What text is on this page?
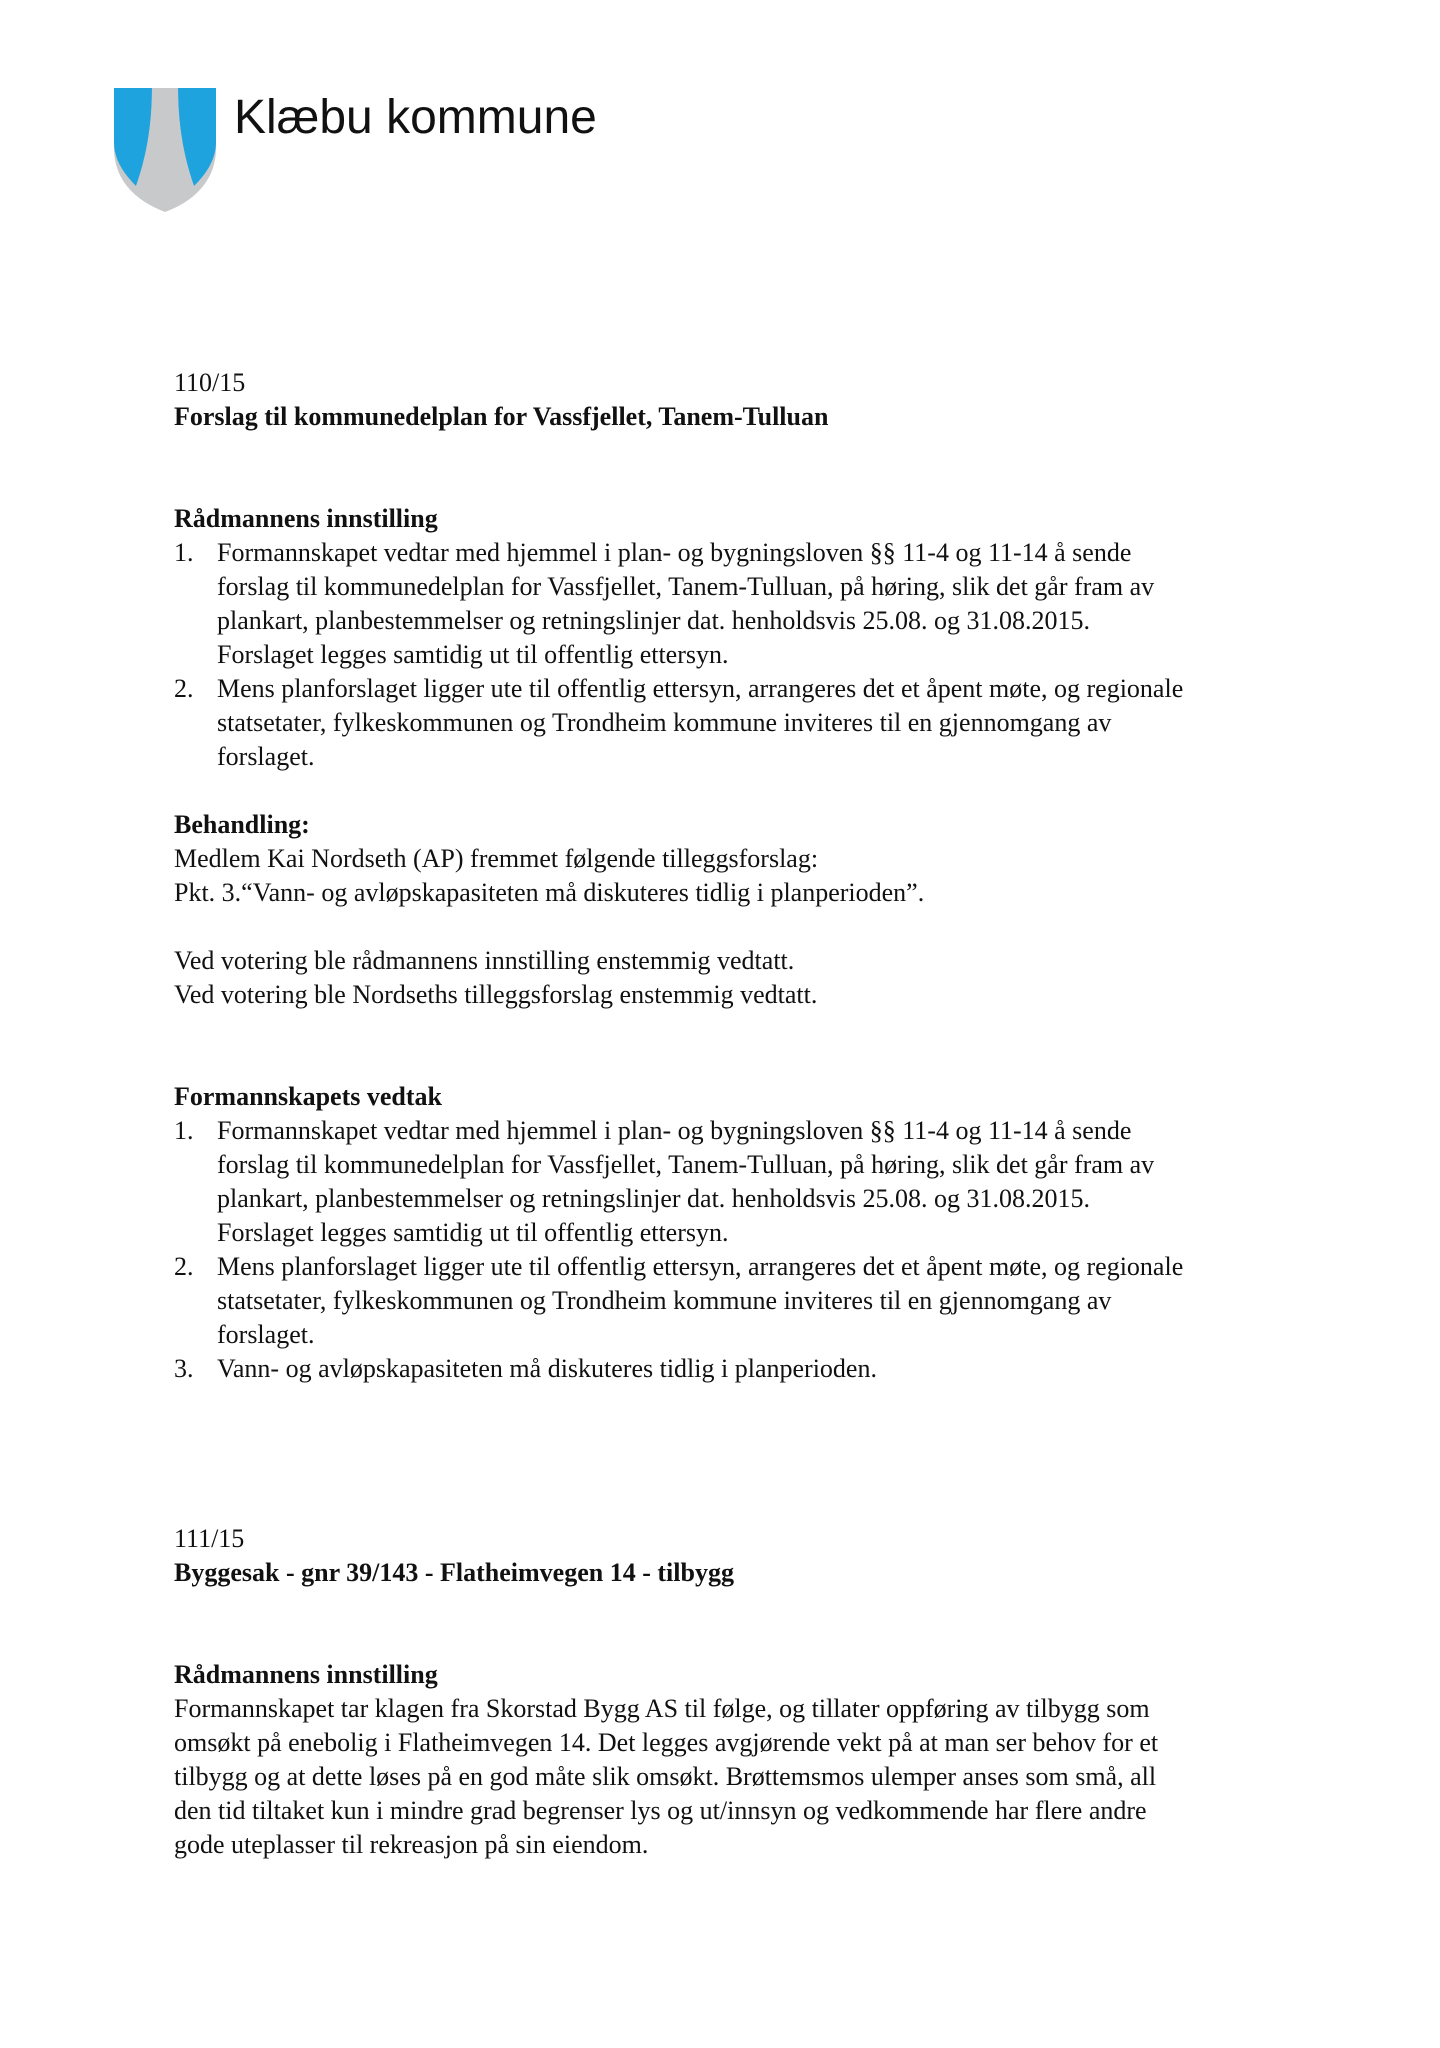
Klæbu kommune

110/15

Forslag til kommunedelplan for Vassfjellet, Tanem-Tulluan

Rådmannens innstilling
1. Formannskapet vedtar med hjemmel i plan- og bygningsloven §§ 11-4 og 11-14 å sende
forslag til kommunedelplan for Vassfjellet, Tanem-Tulluan, på høring, slik det går fram av
plankart, planbestemmelser og retningslinjer dat. henholdsvis 25.08. og 31.08.2015.
Forslaget legges samtidig ut til offentlig ettersyn.
2. Mens planforslaget ligger ute til offentlig ettersyn, arrangeres det et åpent møte, og regionale
statsetater, fylkeskommunen og Trondheim kommune inviteres til en gjennomgang av
forslaget.
Behandling:

Medlem Kai Nordseth (AP) fremmet følgende tilleggsforslag:

Pkt. 3.“Vann- og avløpskapasiteten må diskuteres tidlig i planperioden”.

Ved votering ble rådmannens innstilling enstemmig vedtatt.

Ved votering ble Nordseths tilleggsforslag enstemmig vedtatt.

Formannskapets vedtak
1. Formannskapet vedtar med hjemmel i plan- og bygningsloven §§ 11-4 og 11-14 å sende
forslag til kommunedelplan for Vassfjellet, Tanem-Tulluan, på høring, slik det går fram av
plankart, planbestemmelser og retningslinjer dat. henholdsvis 25.08. og 31.08.2015.
Forslaget legges samtidig ut til offentlig ettersyn.
2. Mens planforslaget ligger ute til offentlig ettersyn, arrangeres det et åpent møte, og regionale
statsetater, fylkeskommunen og Trondheim kommune inviteres til en gjennomgang av
forslaget.
3. Vann- og avløpskapasiteten må diskuteres tidlig i planperioden.

111/15

Byggesak - gnr 39/143 - Flatheimvegen 14 - tilbygg

Rådmannens innstilling

Formannskapet tar klagen fra Skorstad Bygg AS til følge, og tillater oppføring av tilbygg som

omsøkt på enebolig i Flatheimvegen 14. Det legges avgjørende vekt på at man ser behov for et

tilbygg og at dette løses på en god måte slik omsøkt. Brøttemsmos ulemper anses som små, all

den tid tiltaket kun i mindre grad begrenser lys og ut/innsyn og vedkommende har flere andre

gode uteplasser til rekreasjon på sin eiendom.
